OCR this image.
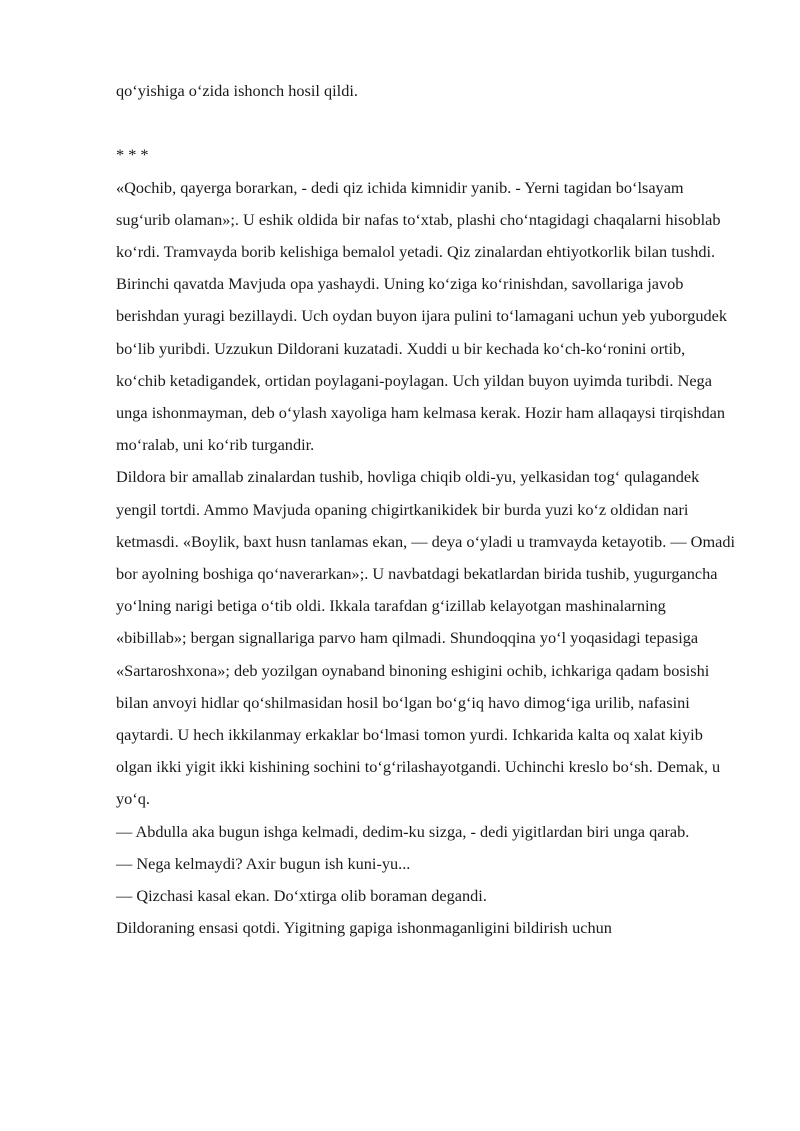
qo‘yishiga o‘zida ishonch hosil qildi.

* * *

«Qochib, qayerga borarkan, - dedi qiz ichida kimnidir yanib. - Yerni tagidan bo‘lsayam sug‘urib olaman»;. U eshik oldida bir nafas to‘xtab, plashi cho‘ntagidagi chaqalarni hisoblab ko‘rdi. Tramvayda borib kelishiga bemalol yetadi. Qiz zinalardan ehtiyotkorlik bilan tushdi. Birinchi qavatda Mavjuda opa yashaydi. Uning ko‘ziga ko‘rinishdan, savollariga javob berishdan yuragi bezillaydi. Uch oydan buyon ijara pulini to‘lamagani uchun yeb yuborgudek bo‘lib yuribdi. Uzzukun Dildorani kuzatadi. Xuddi u bir kechada ko‘ch-ko‘ronini ortib, ko‘chib ketadigandek, ortidan poylagani-poylagan. Uch yildan buyon uyimda turibdi. Nega unga ishonmayman, deb o‘ylash xayoliga ham kelmasa kerak. Hozir ham allaqaysi tirqishdan mo‘ralab, uni ko‘rib turgandir.

Dildora bir amallab zinalardan tushib, hovliga chiqib oldi-yu, yelkasidan tog‘ qulagandek yengil tortdi. Ammo Mavjuda opaning chigirtkanikidek bir burda yuzi ko‘z oldidan nari ketmasdi. «Boylik, baxt husn tanlamas ekan, — deya o‘yladi u tramvayda ketayotib. — Omadi bor ayolning boshiga qo‘naverarkan»;. U navbatdagi bekatlardan birida tushib, yugurgancha yo‘lning narigi betiga o‘tib oldi. Ikkala tarafdan g‘izillab kelayotgan mashinalarning «bibillab»; bergan signallariga parvo ham qilmadi. Shundoqqina yo‘l yoqasidagi tepasiga «Sartaroshxona»; deb yozilgan oynaband binoning eshigini ochib, ichkariga qadam bosishi bilan anvoyi hidlar qo‘shilmasidan hosil bo‘lgan bo‘g‘iq havo dimog‘iga urilib, nafasini qaytardi. U hech ikkilanmay erkaklar bo‘lmasi tomon yurdi. Ichkarida kalta oq xalat kiyib olgan ikki yigit ikki kishining sochini to‘g‘rilashayotgandi. Uchinchi kreslo bo‘sh. Demak, u yo‘q.

— Abdulla aka bugun ishga kelmadi, dedim-ku sizga, - dedi yigitlardan biri unga qarab.

— Nega kelmaydi? Axir bugun ish kuni-yu...

— Qizchasi kasal ekan. Do‘xtirga olib boraman degandi.

Dildoraning ensasi qotdi. Yigitning gapiga ishonmaganligini bildirish uchun
